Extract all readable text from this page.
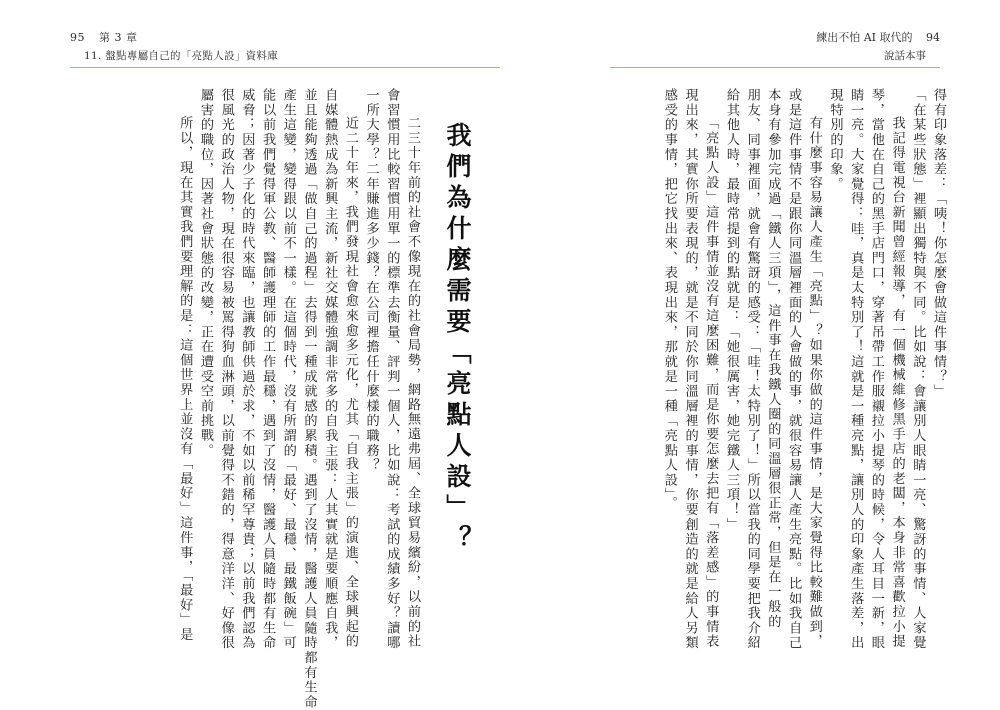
95 第 3 章
11. 盤點專屬自己的「亮點人設」資料庫
練出不怕 AI 取代的 94
說話本事
我們為什麼需要「亮點人設」？
二三十年前的社會不像現在的社會局勢，網路無遠弗屆、全球貿易繽紛，以前的社
會習慣用比較習慣用單一的標準去衡量、評判一個人，比如說：考試的成績多好？讀哪
一所大學？二年賺進多少錢？在公司裡擔任什麼樣的職務？
近二十年來，我們發現社會愈來愈多元化，尤其「自我主張」的演進、全球興起的
自媒體熱成為新興主流，新社交媒體強調非常多的自我主張：人其實就是要順應自我，
並且能夠透過「做自己的過程」去得到一種成就感的累積。遇到了沒情，醫護人員隨時都有生命
產生這變，變得跟以前不一樣。在這個時代，沒有所謂的「最好、最穩、最鐵飯碗」可
能以前我們覺得軍公教、醫師護理師的工作最穩，遇到了沒情，醫護人員隨時都有生命
威脅；因著少子化的時代來臨，也讓教師供過於求，不如以前稀罕尊貴；以前我們認為
很風光的政治人物，現在很容易被罵得狗血淋頭，以前覺得不錯的，得意洋洋、好像很
屬害的職位，因著社會狀態的改變，正在遭受空前挑戰。
所以，現在其實我們要理解的是：這個世界上並沒有「最好」這件事，「最好」是	得有印象落差：「咦！你怎麼會做這件事情？」
「在某些狀態」裡顯出獨特與不同。比如說：會讓別人眼睛一亮、驚訝的事情、人家覺
我記得電視台新聞曾經報導，有一個機械維修黑手店的老闆，本身非常喜歡拉小提
琴，當他在自己的黑手店門口，穿著吊帶工作服襯拉小提琴的時候，令人耳目一新，眼
睛一亮。大家覺得：哇，真是太特別了！這就是一種亮點，讓別人的印象產生落差，出
現特別的印象。
有什麼事容易讓人產生「亮點」？如果你做的這件事情，是大家覺得比較難做到，
或是這件事情不是跟你同溫層裡面的人會做的事，就很容易讓人產生亮點。比如我自己
本身有參加完成過「鐵人三項」，這件事在我鐵人圈的同溫層很正常，但是在一般的
朋友、同事裡面，就會有驚訝的感受：「哇！太特別了！」所以當我的同學要把我介紹
給其他人時，最時常提到的點就是：「她很厲害，她完鐵人三項！」
「亮點人設」這件事情並沒有這麼困難，而是你要怎麼去把有「落差感」的事情表
現出來，其實你所要表現的，就是不同於你同溫層裡的事情，你要創造的就是給人另類
感受的事情，把它找出來、表現出來，那就是一種「亮點人設」。
